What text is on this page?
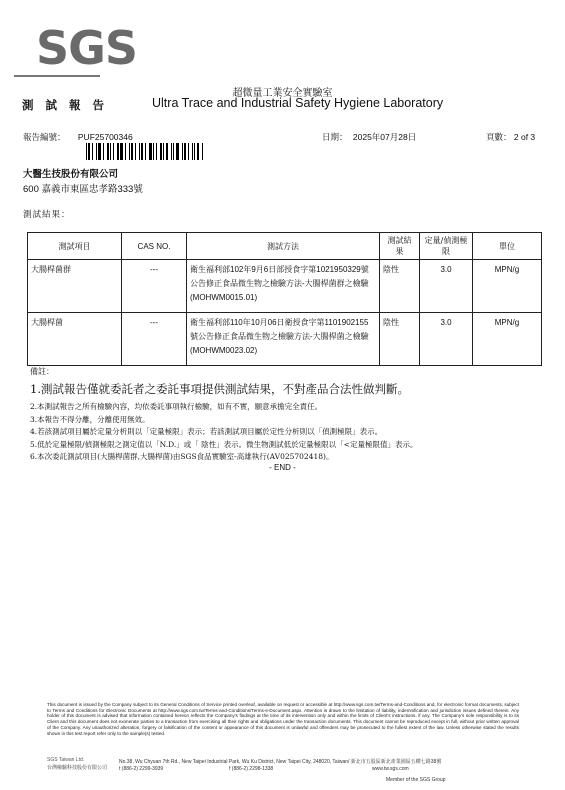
SGS
超微量工業安全實驗室
測 試 報 告	Ultra Trace and Industrial Safety Hygiene Laboratory
報告編號： PUF25700346	日期： 2025年07月28日	頁數： 2 of 3
大醫生技股份有限公司
600 嘉義市東區忠孝路333號
測試結果：
測試項目	CAS NO.	測試方法	測試結果	定量/偵測極限	單位
大腸桿菌群	---	衛生福利部102年9月6日部授食字第1021950329號公告修正食品微生物之檢驗方法-大腸桿菌群之檢驗(MOHWM0015.01)	陰性	3.0	MPN/g
大腸桿菌	---	衛生福利部110年10月06日衛授食字第1101902155號公告修正食品微生物之檢驗方法-大腸桿菌之檢驗(MOHWM0023.02)	陰性	3.0	MPN/g
備註：
1.測試報告僅就委託者之委託事項提供測試結果，不對產品合法性做判斷。
2.本測試報告之所有檢驗內容，均依委託事項執行檢驗，如有不實，願意承擔完全責任。
3.本報告不得分離，分離使用無效。
4.若該測試項目屬於定量分析則以「定量極限」表示；若該測試項目屬於定性分析則以「偵測極限」表示。
5.低於定量極限/偵測極限之測定值以「N.D.」或「 陰性」表示。微生物測試低於定量極限以「<定量極限值」表示。
6.本次委託測試項目(大腸桿菌群,大腸桿菌)由SGS食品實驗室-高雄執行(AV025702418)。
- END -
This document is issued by the Company subject to its General Conditions of Service printed overleaf, available on request or accessible at http://www.sgs.com.tw/Terms-and-Conditions and, for electronic format documents, subject to Terms and Conditions for Electronic Documents at http://www.sgs.com.tw/Terms-and-Conditions/Terms-e-Document.aspx. Attention is drawn to the limitation of liability, indemnification and jurisdiction issues defined therein. Any holder of this document is advised that information contained hereon reflects the Company's findings at the time of its intervention only and within the limits of Client's instructions, if any. The Company's sole responsibility is to its Client and this document does not exonerate parties to a transaction from exercising all their rights and obligations under the transaction documents. This document cannot be reproduced except in full, without prior written approval of the Company. Any unauthorized alteration, forgery or falsification of the content or appearance of this document is unlawful and offenders may be prosecuted to the fullest extent of the law. Unless otherwise stated the results shown in this test report refer only to the sample(s) tested.
SGS Taiwan Ltd.
台灣檢驗科技股份有限公司
No.38, Wu Chyuan 7th Rd., New Taipei Industrial Park, Wu Ku District, New Taipei City, 248020, Taiwan/ 新北市五股區新北產業園區五權七路38號
t (886-2) 2299-3939	f (886-2) 2298-1338	www.tw.sgs.com
Member of the SGS Group
